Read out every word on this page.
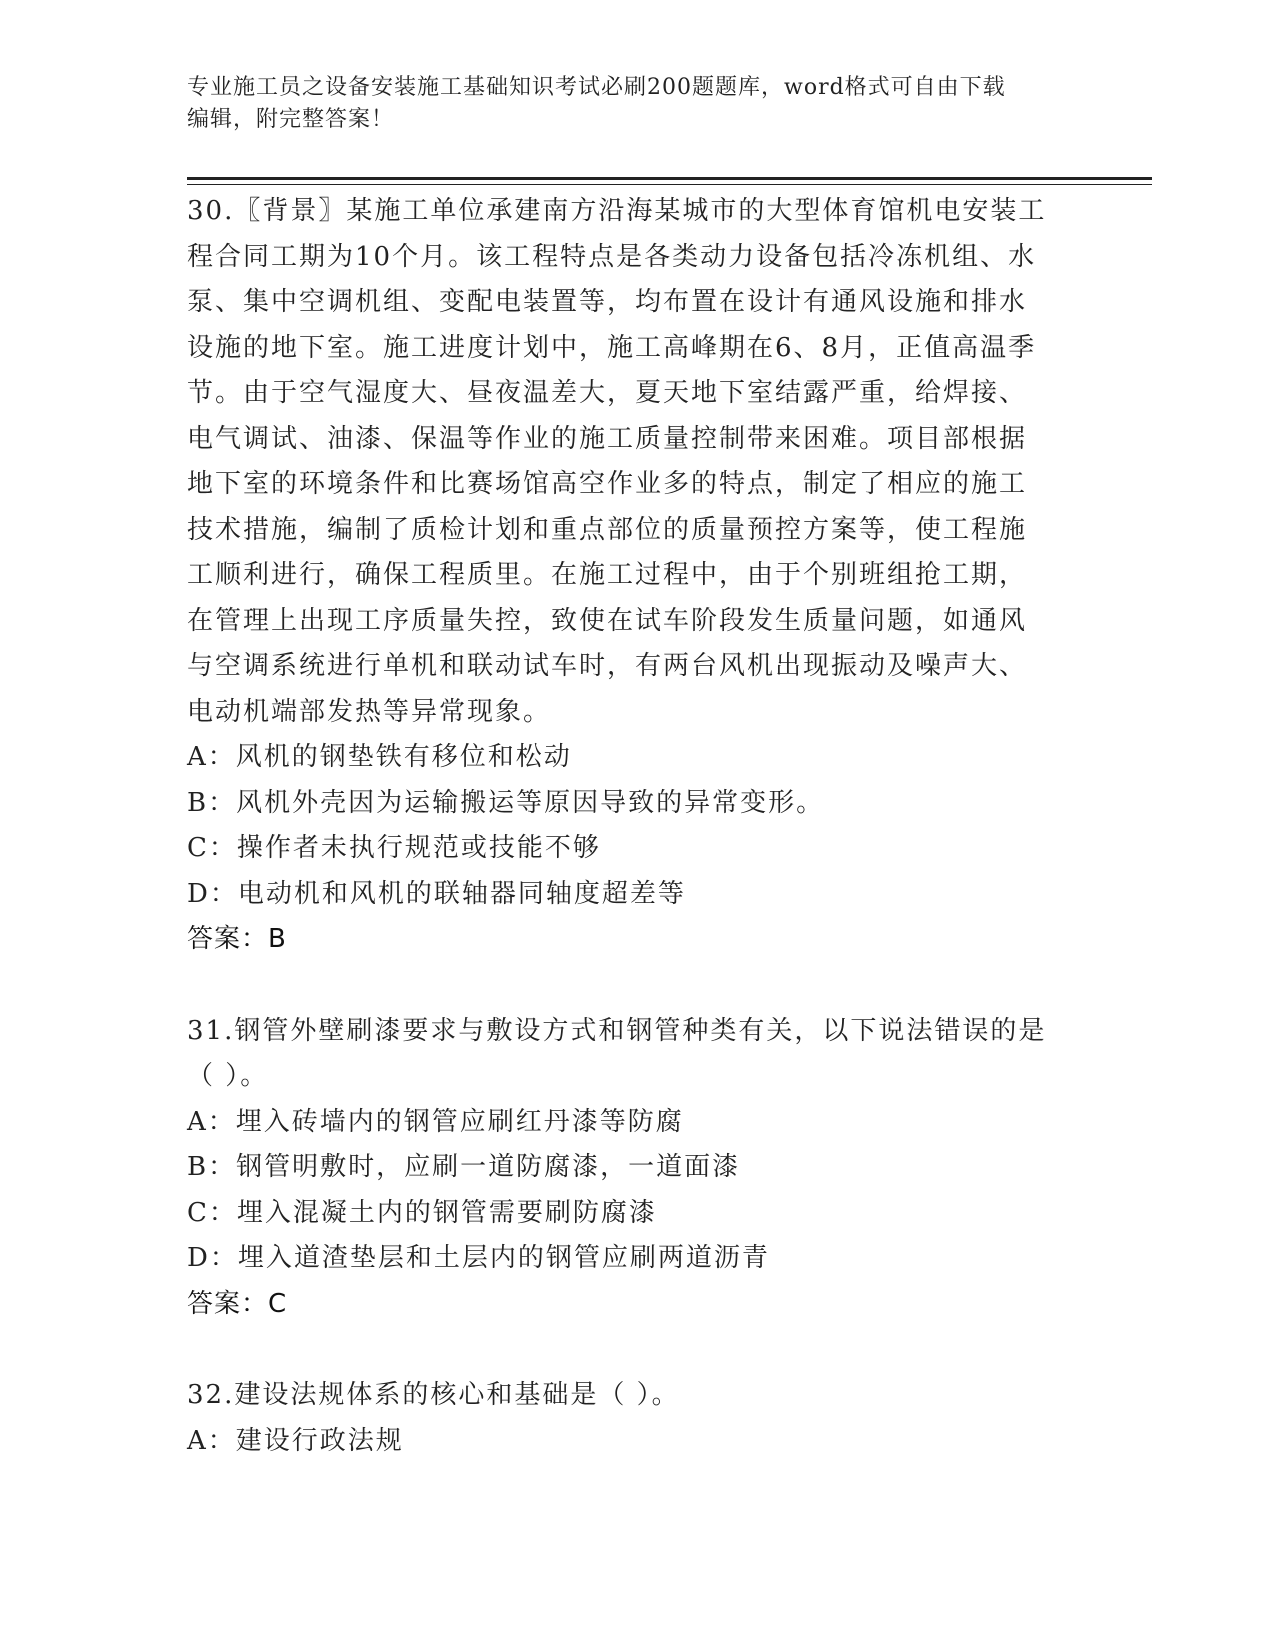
专业施工员之设备安装施工基础知识考试必刷200题题库，word格式可自由下载
编辑，附完整答案！

30.〖背景〗某施工单位承建南方沿海某城市的大型体育馆机电安装工

程合同工期为10个月。该工程特点是各类动力设备包括冷冻机组、水

泵、集中空调机组、变配电装置等，均布置在设计有通风设施和排水

设施的地下室。施工进度计划中，施工高峰期在6、8月，正值高温季

节。由于空气湿度大、昼夜温差大，夏天地下室结露严重，给焊接、

电气调试、油漆、保温等作业的施工质量控制带来困难。项目部根据

地下室的环境条件和比赛场馆高空作业多的特点，制定了相应的施工

技术措施，编制了质检计划和重点部位的质量预控方案等，使工程施

工顺利进行，确保工程质里。在施工过程中，由于个别班组抢工期，

在管理上出现工序质量失控，致使在试车阶段发生质量问题，如通风

与空调系统进行单机和联动试车时，有两台风机出现振动及噪声大、

电动机端部发热等异常现象。

A：风机的钢垫铁有移位和松动

B：风机外壳因为运输搬运等原因导致的异常变形。

C：操作者未执行规范或技能不够

D：电动机和风机的联轴器同轴度超差等

答案：B

31.钢管外壁刷漆要求与敷设方式和钢管种类有关，以下说法错误的是

（ ）。

A：埋入砖墙内的钢管应刷红丹漆等防腐

B：钢管明敷时，应刷一道防腐漆，一道面漆

C：埋入混凝土内的钢管需要刷防腐漆

D：埋入道渣垫层和土层内的钢管应刷两道沥青

答案：C

32.建设法规体系的核心和基础是（ ）。

A：建设行政法规
